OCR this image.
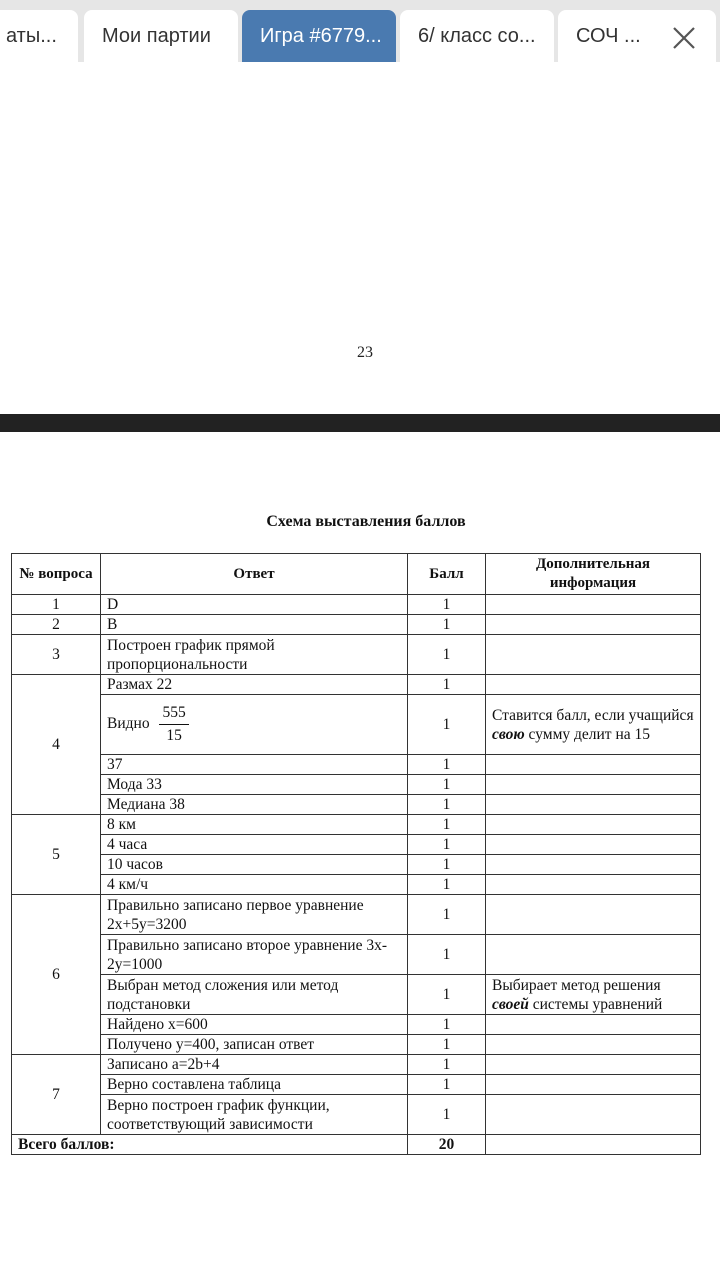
аты...	Мои партии	Игра #6779...	6/ класс со...	СОЧ ...
23
Схема выставления баллов
№ вопроса	Ответ	Балл	Дополнительная информация
1	D	1	
2	B	1	
3	Построен график прямой пропорциональности	1	
4	Размах 22	1	
	Видно $\frac{555}{15}$	1	Ставится балл, если учащийся свою сумму делит на 15
	37	1	
	Мода 33	1	
	Медиана 38	1	
5	8 км	1	
	4 часа	1	
	10 часов	1	
	4 км/ч	1	
6	Правильно записано первое уравнение 2x+5y=3200	1	
	Правильно записано второе уравнение 3x-2y=1000	1	
	Выбран метод сложения или метод подстановки	1	Выбирает метод решения своей системы уравнений
	Найдено x=600	1	
	Получено y=400, записан ответ	1	
7	Записано a=2b+4	1	
	Верно составлена таблица	1	
	Верно построен график функции, соответствующий зависимости	1	
Всего баллов:		20	
